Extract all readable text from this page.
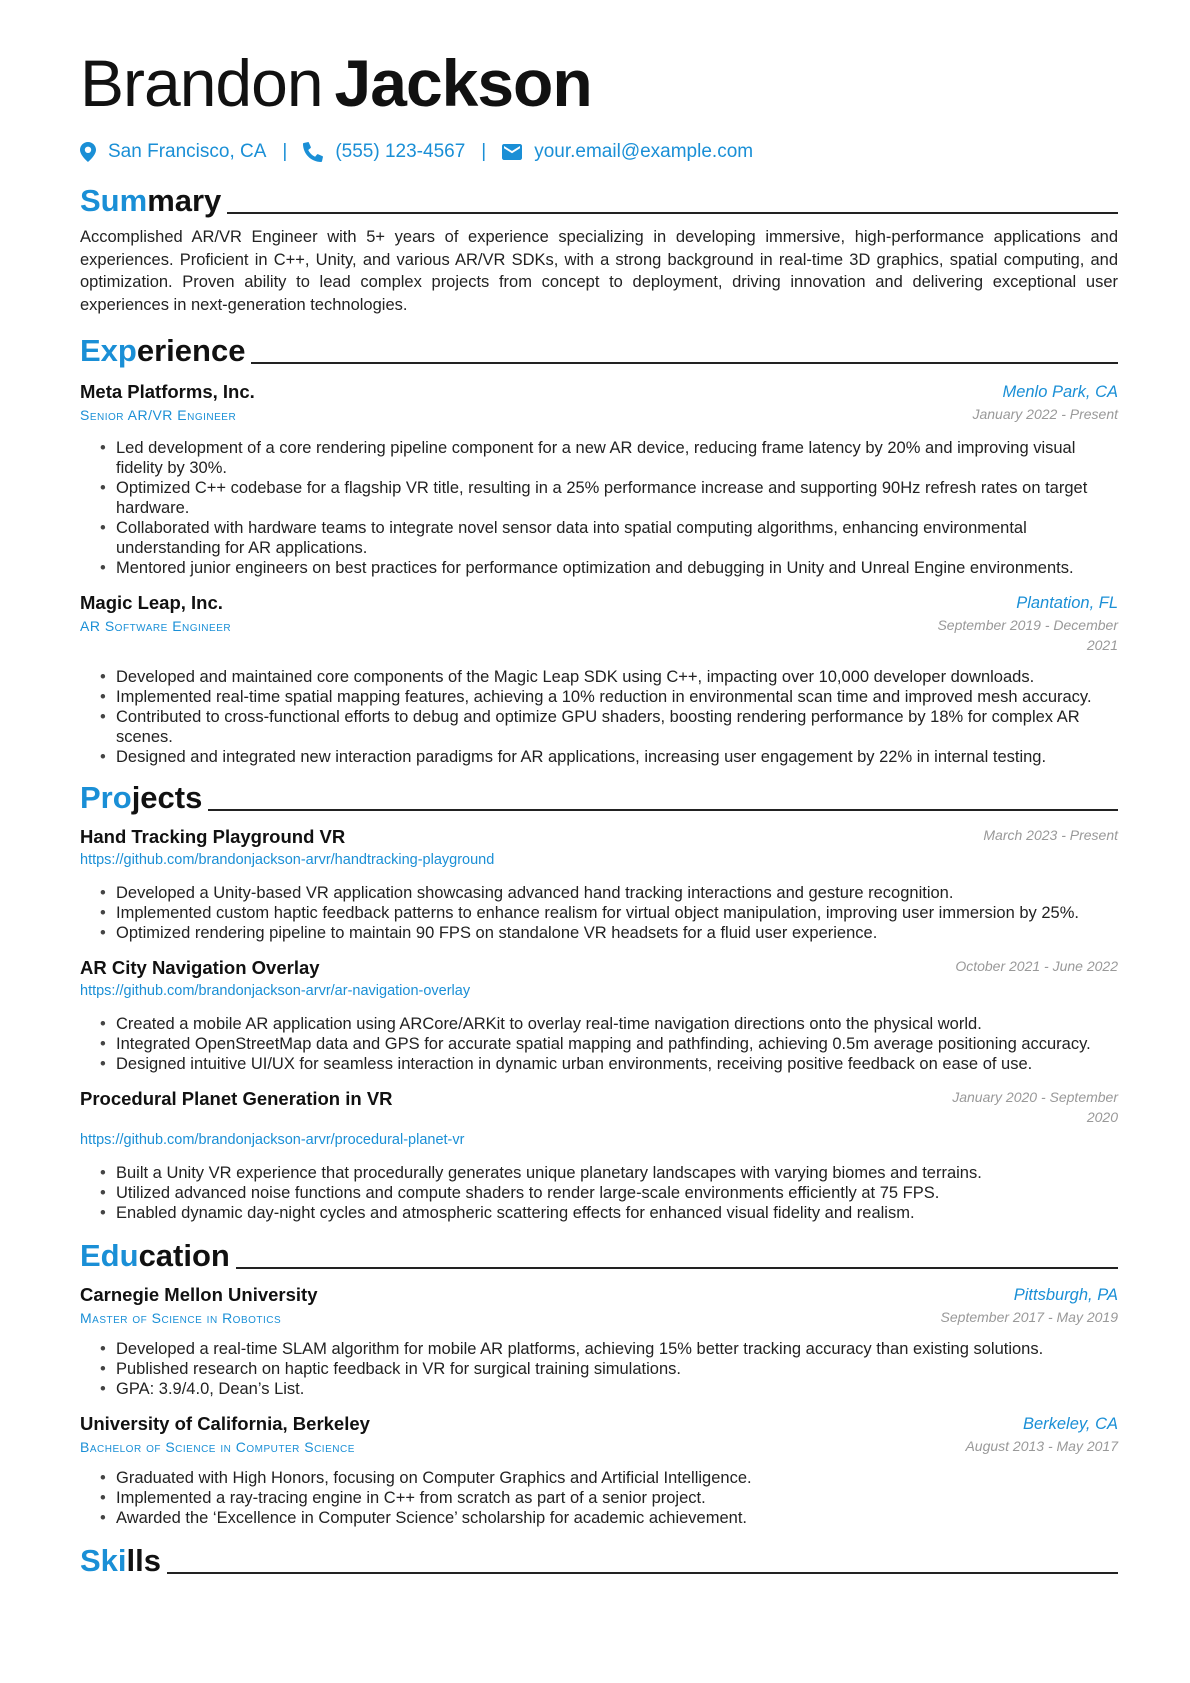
Brandon Jackson
San Francisco, CA |	(555) 123-4567 |	your.email@example.com
Summary
Accomplished AR/VR Engineer with 5+ years of experience specializing in developing immersive, high-performance applications and experiences. Proficient in C++, Unity, and various AR/VR SDKs, with a strong background in real-time 3D graphics, spatial computing, and optimization. Proven ability to lead complex projects from concept to deployment, driving innovation and delivering exceptional user experiences in next-generation technologies.
Experience
Meta Platforms, Inc.
Senior AR/VR Engineer
Menlo Park, CA
January 2022 - Present
• Led development of a core rendering pipeline component for a new AR device, reducing frame latency by 20% and improving visual fidelity by 30%.
• Optimized C++ codebase for a flagship VR title, resulting in a 25% performance increase and supporting 90Hz refresh rates on target hardware.
• Collaborated with hardware teams to integrate novel sensor data into spatial computing algorithms, enhancing environmental understanding for AR applications.
• Mentored junior engineers on best practices for performance optimization and debugging in Unity and Unreal Engine environments.
Magic Leap, Inc.
AR Software Engineer
Plantation, FL
September 2019 - December 2021
• Developed and maintained core components of the Magic Leap SDK using C++, impacting over 10,000 developer downloads.
• Implemented real-time spatial mapping features, achieving a 10% reduction in environmental scan time and improved mesh accuracy.
• Contributed to cross-functional efforts to debug and optimize GPU shaders, boosting rendering performance by 18% for complex AR scenes.
• Designed and integrated new interaction paradigms for AR applications, increasing user engagement by 22% in internal testing.
Projects
Hand Tracking Playground VR
https://github.com/brandonjackson-arvr/handtracking-playground
March 2023 - Present
• Developed a Unity-based VR application showcasing advanced hand tracking interactions and gesture recognition.
• Implemented custom haptic feedback patterns to enhance realism for virtual object manipulation, improving user immersion by 25%.
• Optimized rendering pipeline to maintain 90 FPS on standalone VR headsets for a fluid user experience.
AR City Navigation Overlay
https://github.com/brandonjackson-arvr/ar-navigation-overlay
October 2021 - June 2022
• Created a mobile AR application using ARCore/ARKit to overlay real-time navigation directions onto the physical world.
• Integrated OpenStreetMap data and GPS for accurate spatial mapping and pathfinding, achieving 0.5m average positioning accuracy.
• Designed intuitive UI/UX for seamless interaction in dynamic urban environments, receiving positive feedback on ease of use.
Procedural Planet Generation in VR
https://github.com/brandonjackson-arvr/procedural-planet-vr
January 2020 - September 2020
• Built a Unity VR experience that procedurally generates unique planetary landscapes with varying biomes and terrains.
• Utilized advanced noise functions and compute shaders to render large-scale environments efficiently at 75 FPS.
• Enabled dynamic day-night cycles and atmospheric scattering effects for enhanced visual fidelity and realism.
Education
Carnegie Mellon University
Master of Science in Robotics
Pittsburgh, PA
September 2017 - May 2019
• Developed a real-time SLAM algorithm for mobile AR platforms, achieving 15% better tracking accuracy than existing solutions.
• Published research on haptic feedback in VR for surgical training simulations.
• GPA: 3.9/4.0, Dean’s List.
University of California, Berkeley
Bachelor of Science in Computer Science
Berkeley, CA
August 2013 - May 2017
• Graduated with High Honors, focusing on Computer Graphics and Artificial Intelligence.
• Implemented a ray-tracing engine in C++ from scratch as part of a senior project.
• Awarded the ‘Excellence in Computer Science’ scholarship for academic achievement.
Skills
